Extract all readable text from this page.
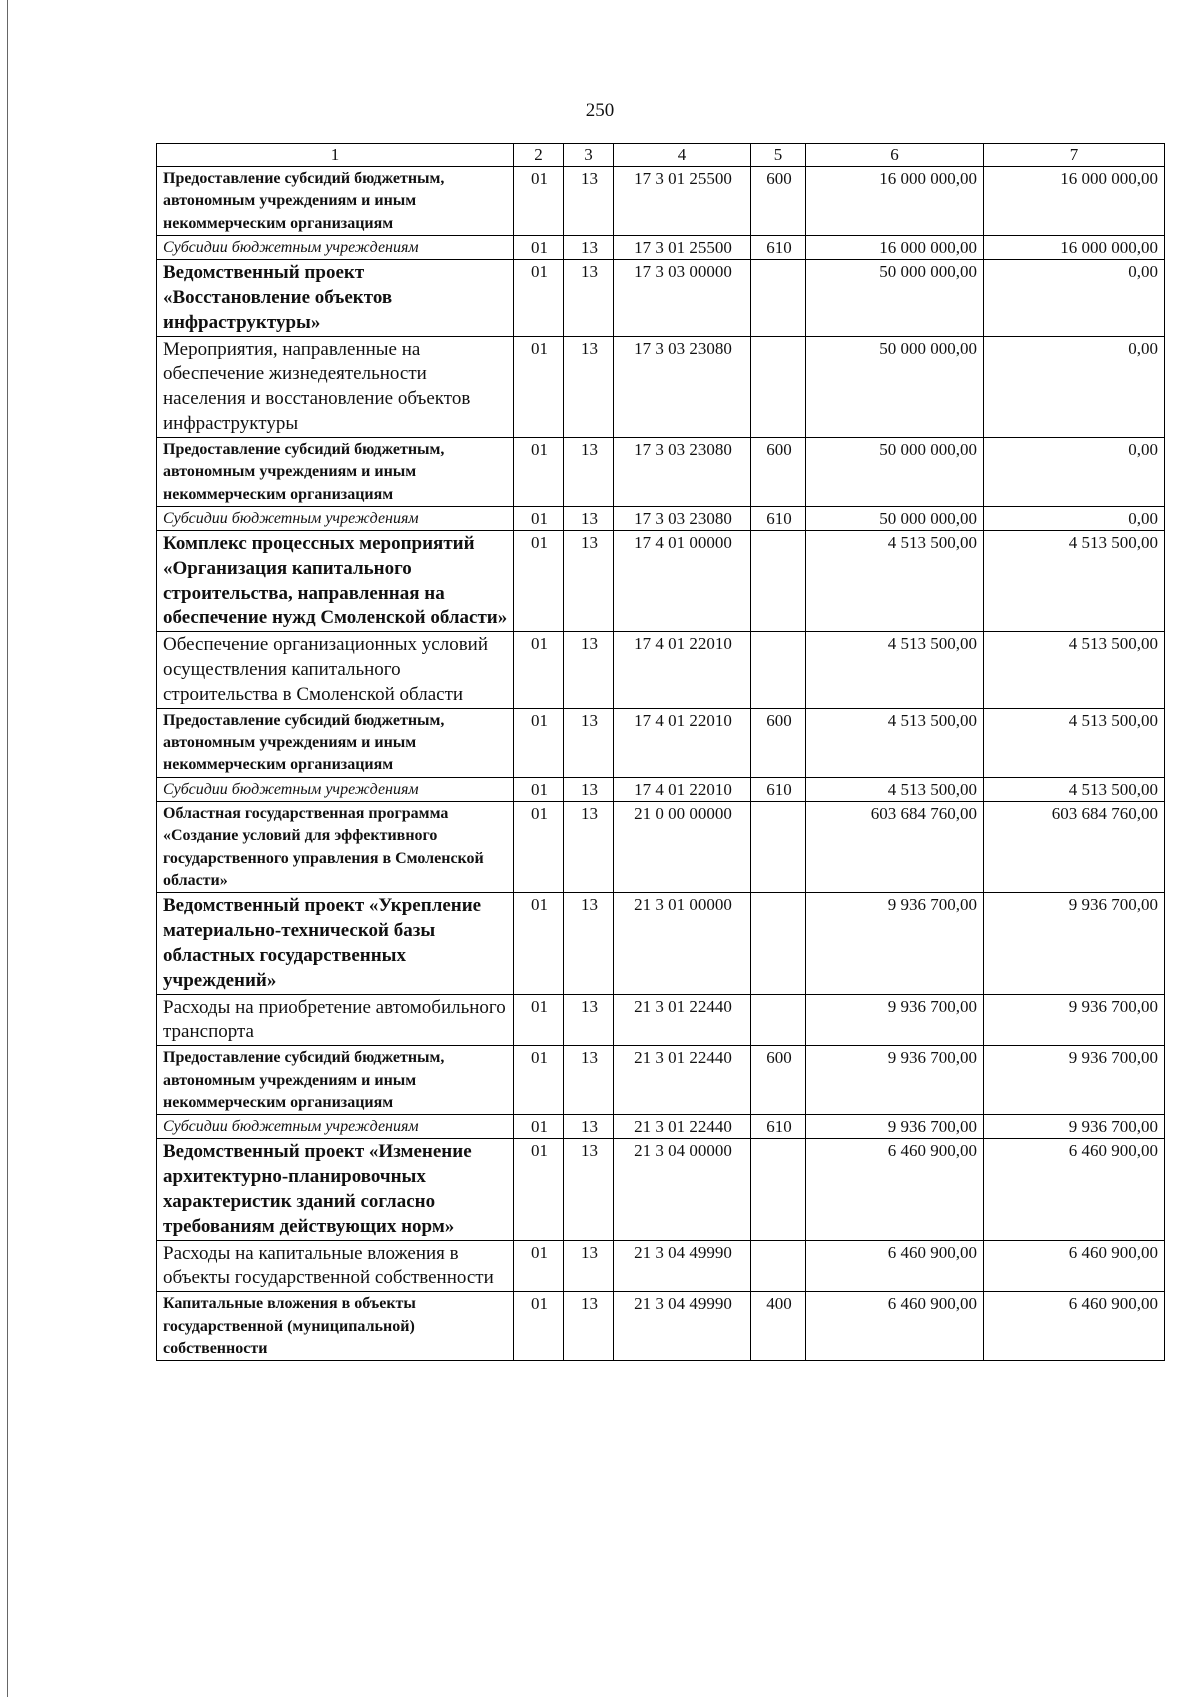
250
1	2	3	4	5	6	7
Предоставление субсидий бюджетным, автономным учреждениям и иным некоммерческим организациям	01	13	17 3 01 25500	600	16 000 000,00	16 000 000,00
Субсидии бюджетным учреждениям	01	13	17 3 01 25500	610	16 000 000,00	16 000 000,00
Ведомственный проект «Восстановление объектов инфраструктуры»	01	13	17 3 03 00000		50 000 000,00	0,00
Мероприятия, направленные на обеспечение жизнедеятельности населения и восстановление объектов инфраструктуры	01	13	17 3 03 23080		50 000 000,00	0,00
Предоставление субсидий бюджетным, автономным учреждениям и иным некоммерческим организациям	01	13	17 3 03 23080	600	50 000 000,00	0,00
Субсидии бюджетным учреждениям	01	13	17 3 03 23080	610	50 000 000,00	0,00
Комплекс процессных мероприятий «Организация капитального строительства, направленная на обеспечение нужд Смоленской области»	01	13	17 4 01 00000		4 513 500,00	4 513 500,00
Обеспечение организационных условий осуществления капитального строительства в Смоленской области	01	13	17 4 01 22010		4 513 500,00	4 513 500,00
Предоставление субсидий бюджетным, автономным учреждениям и иным некоммерческим организациям	01	13	17 4 01 22010	600	4 513 500,00	4 513 500,00
Субсидии бюджетным учреждениям	01	13	17 4 01 22010	610	4 513 500,00	4 513 500,00
Областная государственная программа «Создание условий для эффективного государственного управления в Смоленской области»	01	13	21 0 00 00000		603 684 760,00	603 684 760,00
Ведомственный проект «Укрепление материально-технической базы областных государственных учреждений»	01	13	21 3 01 00000		9 936 700,00	9 936 700,00
Расходы на приобретение автомобильного транспорта	01	13	21 3 01 22440		9 936 700,00	9 936 700,00
Предоставление субсидий бюджетным, автономным учреждениям и иным некоммерческим организациям	01	13	21 3 01 22440	600	9 936 700,00	9 936 700,00
Субсидии бюджетным учреждениям	01	13	21 3 01 22440	610	9 936 700,00	9 936 700,00
Ведомственный проект «Изменение архитектурно-планировочных характеристик зданий согласно требованиям действующих норм»	01	13	21 3 04 00000		6 460 900,00	6 460 900,00
Расходы на капитальные вложения в объекты государственной собственности	01	13	21 3 04 49990		6 460 900,00	6 460 900,00
Капитальные вложения в объекты государственной (муниципальной) собственности	01	13	21 3 04 49990	400	6 460 900,00	6 460 900,00
